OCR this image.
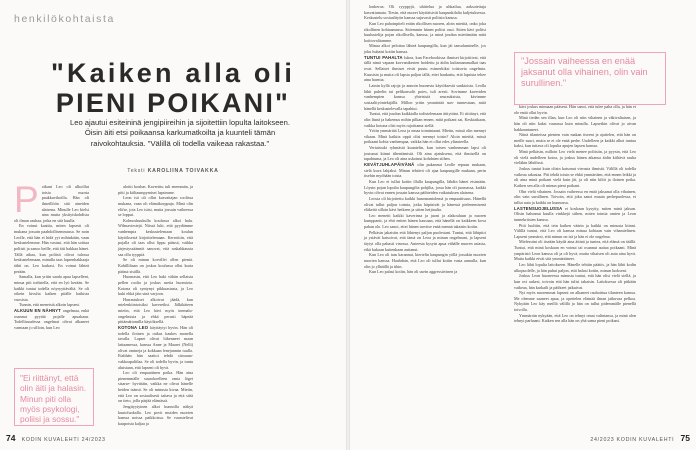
henkilökohtaista
"Kaiken alla oli
PIENI POIKANI"
Leo ajautui esiteininä jengipiireihin ja sijoitettiin lopulta laitokseen. Öisin äiti etsi poikaansa karkumatkoilta ja kuunteli tämän raivokohtauksia. "Välillä oli todella vaikeaa rakastaa."
Teksti KAROLIINA TOIVAKKA

Poikani Leo oli ulkoillut toisia nuoria paukkuvikoilla. Hän oli ilmeillöön sitä aineiden alaisena. Minulle Leo kielsi aina mutta yksityiskohdista oli ilman rauhaa, jotka en sitä kuulla.

En voinut kaattia, miten lapsesti oli mukana jossain paahdollisemmassa. Se noin Leolle, että hän ei hidä yyi mihinkään, vaan keskustelemme. Hän vastasi, että hän soittaa poliisit ja sanoo heille, että äiti hakkaa hänet. Tällä aikaa, kun poliisit olivat tulossa keskustelemaan, minulla taas lapsenhakkaaja tähti on. Leo karkasi. En voinut lähteä perään.

Samalla, kun yritin saada apua lapselleni, minua piti todistella, että en lyö kerään. Se kaikki tuntui todella nöyryyttävältä. Se oli oikein kivulta kaiken pitälle kaikista vuosista.

Tunnin, että meneistä alkoin lapseni.

ALKUUN EN NÄHNYT ongelmaa, enkä osannut pyytää pojalle apuakaan. Todellisuudessa ongelmat olivat alkaneet varmaan jo silloin, kun Leo

"Ei riittänyt, että olin äiti ja halasin. Minun piti olla myös psykologi, poliisi ja sossu."

aloitti koulun. Kaverittu tuli enemmän, ja pitti ja kiiltaumpymiset lapsimme.

Leon isä oli ollut kasvattajan roolissa mukana, vaan oli elämäkorppuja. Minä olin elä'se, jota Leo isäsi, mutta jossain vaiheessa se loppui.

Kolmoshuukulla koulussa alkoi halu. Wilmaviestejä. Niissä luki, että pyydämme vanhempia keskustelemaan koulun käytöksestä kirjoittelemaan. Kerroittin, että pojalla oli taas ollut lippu päässä, vaikka järjestyssäännöt sanovat, että raskahkausta saa ollu tyyppiä.

Se oli minun korvillei ollen pientä. Kahilliltaan on joskus koulussa ollut kurta pääsui sisällä.

Huomasin, että Leo haki vähän sellaista pellen roolia ja joskus aseita huomiota. Kotona oli syntynyt pikkuasiasta, ja Leo kuki ehkä jäin sinä varjoon.

Harrastukset alkoivat jäädä, kun mielenkiintoisiksi kavereiksi. Jälkikäteen mietin, että Leo kävi myös tnemalu- ongelmista ja ehkä perusti häpeää pittämättomilla käytöksellä.

KOTONA LEO käyttäytyi hyvin. Hän oli todella iloinen ja raikas kaukes monella tavalla. Lapset olivat liikenneet maan lattaamessa, kanssa Anne ja Maaret (Nelli) olivat omineja ja kokkaan lenejanmin tuulla. Etabhän hän saattoi tehdä sitoaana- vakkoapaliilaa. Se oli todella hyvin, ja tuntu aluistaan, että lapseni oli hyvä.

Leo oli empaattinen poika. Hän aina pienemmälle suurokoelleen omia löget sisarse- hyvittäin, vaikka ne olivat hänelle heiden isänsä. Se oli minusta kivaa. Mietin, että Leo on sosiaalisesti taitava ja että siitä on tieto, jolla pärjää elämässä.

Jengityytyinen alkoi kunnolla näkyä kuutoluokalla. Leo povit muiden nuorten kanssa noissa paikkoissa. Se varastelivat kaupoista kaljaa ja

74 KODIN KUVALEHTI 24/2023

lonkeroa. Oli ryyppyjä, uhittelua ja uhkailua, aaksotettuja kasvattumata. Tiesin, että nuoret käyttäisivät kaupunkilalta kuljetuksessa. Keskustelu sosiaalityön kanssa sujuvasti poliisin kanssa.

Kun Leo pahoinpiteli erään rikollisen nuoren, aloin mietitä, onko joka rikollinen kohtaamassa. Sittemmin hänen poliisi osui. Sitten kävi poliisi kuulustelija pojan rikollisella, kanssa, ja minä joudun miettimään mitä koittovalitamme.

Minua alkoi pelottaa lähteä kaupungilla, kun jäi tansaluminelle, jos joku huhaisi kotiin kanssa.

TUNTUI PAHALTA lukea, kun Facebookissa ihmiset kirjoittivat, että tällä nimä vapaan kavvanikesten hoidettu ja äidin kultamammalkat taas ovat. Sellaiset ihmiset eivät puutu esimerkiksi toistuvia ongelmia. Kuusisin ja muita oli lapsia paljon tällä, ettei haukuttu, että lapsista tekee aina harmia.

Lainin kyllä rajoja ja annoin buonesta käytöksestä sankioista. Leolla lähti puhelin tai pelikonsolit poies, tuli aresti. Sovimme kaveriden vanhempien kanssa yhteisistä seurauksista, kävimme sosiaalityöntekijällä. Millon yritin ymmärtää sun- tunnestaan, mitä hänellä keskustelevalla tapahtui.

Tuntui, että joudun kaikkialla todistelemaan äitiyttäni. Ei riittänyt, että olin läsnä ja hakemus mihin pilkan ennen, mitä poikani sai, Keskiaikaan, vaikka kotona olisi myös rajoittanut siellä.

Yritin ymmärtää Leoa ja omaa toimintaani. Mietin, missä olin mennyt vikaan. Minä kaikita oppii olisi mennyt toisin? Aloin miettiä, missä poikaani kohta vanhempaa, vaikka hän ei ollut edes yläasteella.

Vertaistuki ryhmästä kuuntelin, kun toisen vanhemman lapsi oli joutunut kiinni tihentämistä. Oli aina ajatuksena, että ihmisellä on tapahtuma, ja Leo oli aina uskoinut kohdaten siihen.

KEVÄTJUHLAPÄIVÄNÄ olin pukannut Leolle repuun mukaan, sielä kuva lahjaksi. Minun tehtävä oli ajaa kaupungille mukaan, perin itsehin myöhään toista.

Kun Leo ei tullut kotiin illalla kaupungilla, lähdin hänet etsimään. Löysin pojan lopulta kaupungilta pohjilta, jossa hän oli juomassa, kaikki hyvin olivat ennen jossain kanssa päihteiden vaikutuksen alaisena.

Leosta oli kirjoitettu kaikki hunomantolemä ja empaattisuus. Hänellä olivat tullut paljon toimia, jotka häpäsivät ja hänessä pielenemisenä eläkeitä silloin kävi hetkeen ja sitten heijtaulta.

Leo menetti kaikki kaverinsa ja juoni ja alakouluun ja nuoren kumppanit, ja ehti eniten hänen kausaan, että hänellä on kaikkeen kova pahan olo. Leo sanoi, ettei hänen tarvitse enää mennä takaisin kotiin.

Pelkäsin jakaisiin että lähtenyt paljon puolestani. Tuntui, että lähipiiri ja ystävät katsoivat, että tämä on Leoa ja minun ongelmani, ja lapseni täytyi olla pahasti vinossa. Anteesta kysyin apua vähälle nuoren asiasta, eikä kukaan kuitenkaan auttanut.

Kun Leo oli taas karannut, kiertelin kaupungin yöllä jossakin nuorten nuorten kanssa. Haahdain, että Leo oli tullut kotiin vasta aamulla, kun olin jo ylhäällä ja itkin.

Kun Leo palasi kotiin, hän oli usein aggressiivinen ja

"Jossain vaiheessa en enää jaksanut olla vihainen, olin vain surullinen."

kävi joskus minuaan pääseni. Hän sanoi, että tulee paha olla, ja hän ei ole enää ollut hyvin.

Minä tiedän sen illan, kun Leo oli niin vihainen ja väkivaltaisen, ja hän oli niin kaksi vaarassa kuin minulla. Lapsetkin olivat jo aivan hakkaantuneet.

Niinä tilanteissa pienten vain makan itseeni ja ajattelen, että hän on meille suuri, mutta se ei ole enää perhe. Uudelleen ja kaikki alkoi tuntua kaksi, kun tuttava oli lopulta apujen lapsen kanssa.

Minä pelkäsin, milloin Leo vielä menee poliisiin, ja pyysin, että Leo oli vielä uudelleen kotoa, ja joskus hänen aikansa äidin kiiltävä rauha vieläkin lähdössä.

Joskus tuntui kuin olisin katsonut vierasta ihmistä. Välillä oli todella vaikeaa rakastaa. Piti tehdä toisin se ehkä ymmärtäen, että ennen leikki ja oli aina minä poikani vielä kuin jäi, ja oli niin kiltti ja iloinen poika. Kaiken sen alla oli minun pieni poikani.

Olin vielä vihainen. Jossain vaiheessa en enää jaksanut olla vihainen, olin vain surullinen. Toivoin, että joku sanoi muuta perhepuolessa, ei tullut auta ja kaikki on kunnossa.

LASTENSUOJELUSSA ei koskaan kysytty, miten minä jaksan. Olisin halunnut kuulla vinkkejä siihen, miten toimia omien ja Leon tunnekriisien kanssa.

Pitti luultiin, että tein kaiken väärin ja kaikki on minusta kiinni. Välillä tuntui, että Leo oli kanssa minua kohtaan vain vihamielinen. Lapseni ymmärsi, että minun on isä ja hän ei ole ongelma.

Mielessäni oli itseään käydä aina äitinä ja tuntea, että elämä on täällä. Tuntui, että minä koskaan en voinut tai osannut auttaa poikaani. Minä ympäristö Leon kanssa oli ja oli hyvä, mutta vihaisen oli auta aina hyvä. Mutta kaikki eivät sitä ymmärtäneet.

Leo lähti lopulta laitokseen. Hänelle tehtiin päätös, ja hän lähti kodin ulkopuolelle, ja hän puhui paljon, että halusi kotiin, minun luokseni.

Joskus Leon huoneessa minusta tuntui, että hän olisi vielä siellä, ja kun ovi aukesi, toivoin että hän tulisi takaisin. Laitoksessa oli pitkään vaikeaa, hän karkaili ja päihteet jatkuivat.

Nyt myös nuoremmat lapseni on alkaneet rauhoittua tilanteen kanssa. Me olemme saaneet apua, ja opettelen elämää ilman jatkuvaa pelkoa. Nykyään Leo käy meillä välillä ja hän on tullut pidemmälle pienellä toivolla.

Ymmärrän nykyään, että Leo on tehnyt omat valintansa, ja minä olen tehnyt parhaani. Kaiken sen alla hän on yhä sama pieni poikani.

24/2023 KODIN KUVALEHTI 75
